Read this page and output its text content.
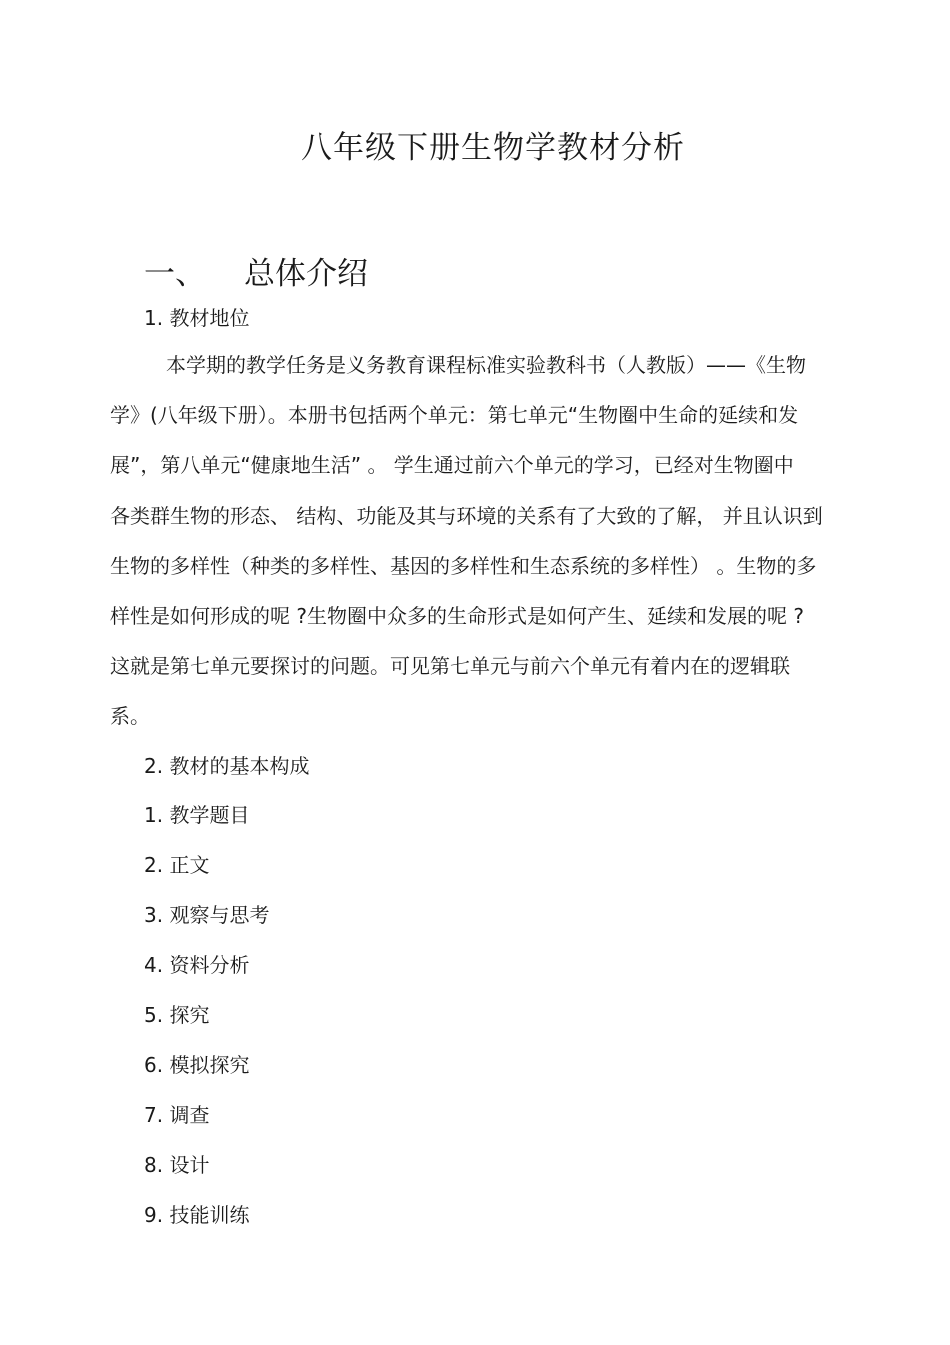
八年级下册生物学教材分析
一、 总体介绍
1. 教材地位
本学期的教学任务是义务教育课程标准实验教科书（人教版）——《生物
学》(八年级下册）。本册书包括两个单元：第七单元“生物圈中生命的延续和发
展”，第八单元“健康地生活” 。 学生通过前六个单元的学习，已经对生物圈中
各类群生物的形态、 结构、功能及其与环境的关系有了大致的了解， 并且认识到
生物的多样性（种类的多样性、基因的多样性和生态系统的多样性） 。生物的多
样性是如何形成的呢 ?生物圈中众多的生命形式是如何产生、延续和发展的呢 ?
这就是第七单元要探讨的问题。可见第七单元与前六个单元有着内在的逻辑联
系。
2. 教材的基本构成
1. 教学题目
2. 正文
3. 观察与思考
4. 资料分析
5. 探究
6. 模拟探究
7. 调查
8. 设计
9. 技能训练
